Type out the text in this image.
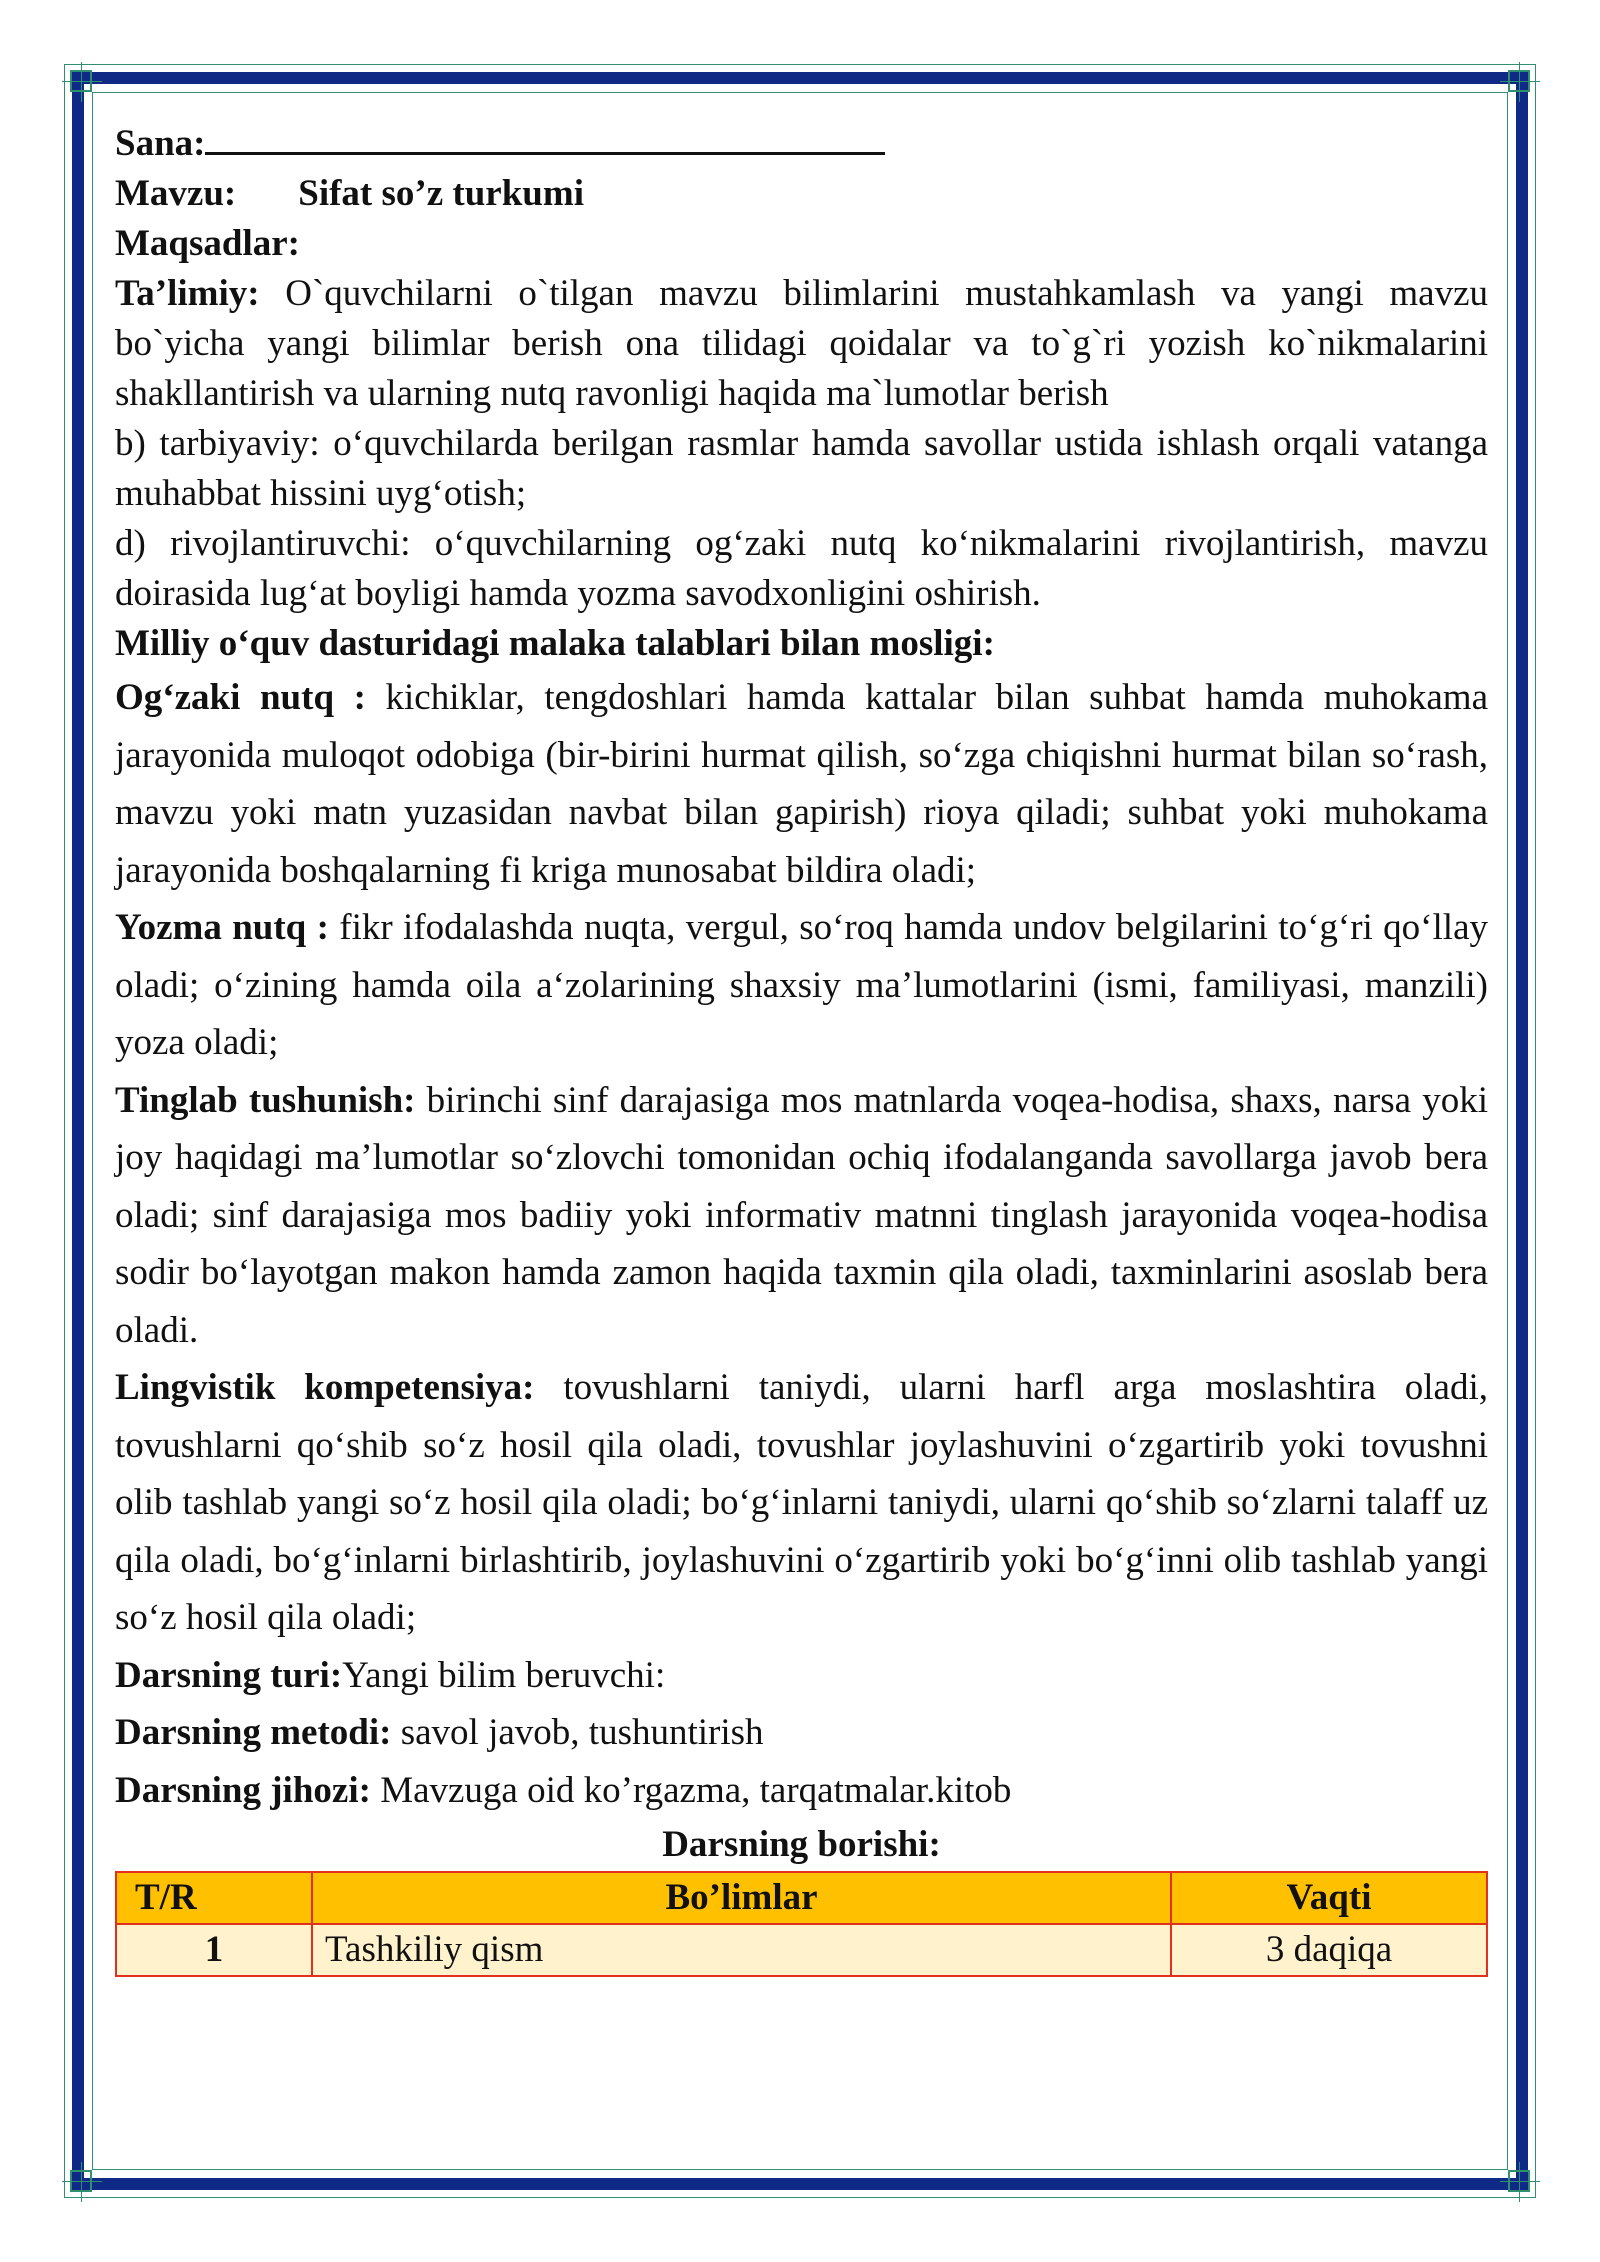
Sana:

Mavzu: Sifat so’z turkumi

Maqsadlar:

Ta’limiy: O`quvchilarni o`tilgan mavzu bilimlarini mustahkamlash va yangi mavzu bo`yicha yangi bilimlar berish ona tilidagi qoidalar va to`g`ri yozish ko`nikmalarini shakllantirish va ularning nutq ravonligi haqida ma`lumotlar berish

b) tarbiyaviy: o‘quvchilarda berilgan rasmlar hamda savollar ustida ishlash orqali vatanga muhabbat hissini uyg‘otish;

d) rivojlantiruvchi: o‘quvchilarning og‘zaki nutq ko‘nikmalarini rivojlantirish, mavzu doirasida lug‘at boyligi hamda yozma savodxonligini oshirish.

Milliy o‘quv dasturidagi malaka talablari bilan mosligi:

Og‘zaki nutq : kichiklar, tengdoshlari hamda kattalar bilan suhbat hamda muhokama jarayonida muloqot odobiga (bir-birini hurmat qilish, so‘zga chiqishni hurmat bilan so‘rash, mavzu yoki matn yuzasidan navbat bilan gapirish) rioya qiladi; suhbat yoki muhokama jarayonida boshqalarning fi kriga munosabat bildira oladi;

Yozma nutq : fikr ifodalashda nuqta, vergul, so‘roq hamda undov belgilarini to‘g‘ri qo‘llay oladi; o‘zining hamda oila a‘zolarining shaxsiy ma’lumotlarini (ismi, familiyasi, manzili) yoza oladi;

Tinglab tushunish: birinchi sinf darajasiga mos matnlarda voqea-hodisa, shaxs, narsa yoki joy haqidagi ma’lumotlar so‘zlovchi tomonidan ochiq ifodalanganda savollarga javob bera oladi; sinf darajasiga mos badiiy yoki informativ matnni tinglash jarayonida voqea-hodisa sodir bo‘layotgan makon hamda zamon haqida taxmin qila oladi, taxminlarini asoslab bera oladi.

Lingvistik kompetensiya: tovushlarni taniydi, ularni harfl arga moslashtira oladi, tovushlarni qo‘shib so‘z hosil qila oladi, tovushlar joylashuvini o‘zgartirib yoki tovushni olib tashlab yangi so‘z hosil qila oladi; bo‘g‘inlarni taniydi, ularni qo‘shib so‘zlarni talaff uz qila oladi, bo‘g‘inlarni birlashtirib, joylashuvini o‘zgartirib yoki bo‘g‘inni olib tashlab yangi so‘z hosil qila oladi;

Darsning turi:Yangi bilim beruvchi:

Darsning metodi: savol javob, tushuntirish

Darsning jihozi: Mavzuga oid ko’rgazma, tarqatmalar.kitob

Darsning borishi:

T/R	Bo’limlar	Vaqti
1	Tashkiliy qism	3 daqiqa
